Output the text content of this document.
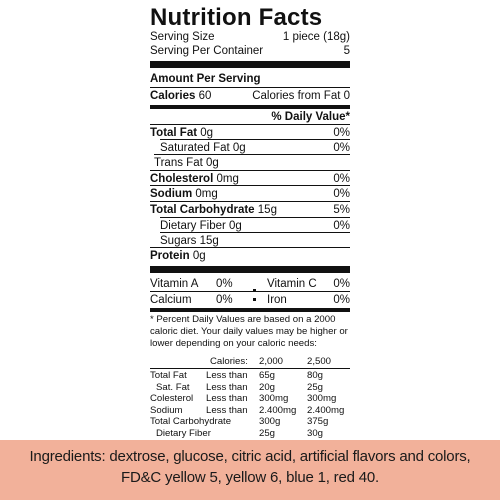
Nutrition Facts
Serving Size	1 piece (18g)
Serving Per Container	5
Amount Per Serving
Calories 60	Calories from Fat 0
% Daily Value*
Total Fat 0g	0%
Saturated Fat 0g	0%
Trans Fat 0g
Cholesterol 0mg	0%
Sodium 0mg	0%
Total Carbohydrate 15g	5%
Dietary Fiber 0g	0%
Sugars 15g
Protein 0g
Vitamin A 0%	Vitamin C 0%
Calcium 0%	Iron	0%
* Percent Daily Values are based on a 2000 caloric diet. Your daily values may be higher or lower depending on your caloric needs:
Calories: 2,000 2,500
Total Fat Less than 65g	80g
Sat. Fat Less than 20g	25g
Colesterol Less than 300mg 300mg
Sodium Less than 2.400mg 2.400mg
Total Carbohydrate	300g	375g
Dietary Fiber	25g	30g
Ingredients: dextrose, glucose, citric acid, artificial flavors and colors, FD&C yellow 5, yellow 6, blue 1, red 40.
